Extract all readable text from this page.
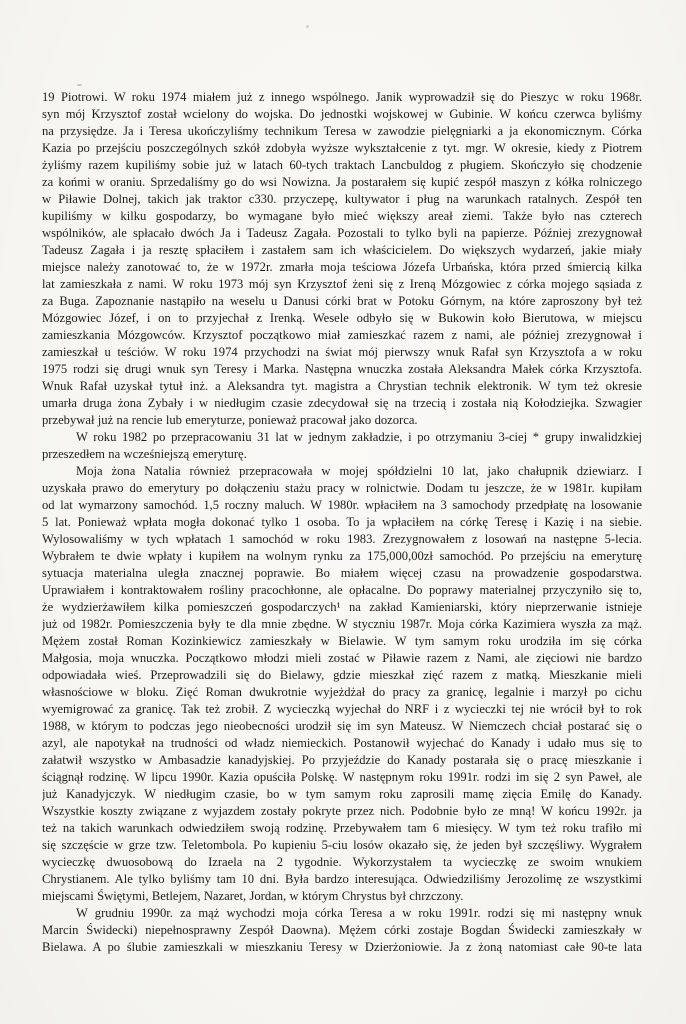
19 Piotrowi. W roku 1974 miałem już z innego wspólnego. Janik wyprowadził się do Pieszyc w roku 1968r.
syn mój Krzysztof został wcielony do wojska. Do jednostki wojskowej w Gubinie. W końcu czerwca byliśmy
na przysiędze. Ja i Teresa ukończyliśmy technikum Teresa w zawodzie pielęgniarki a ja ekonomicznym. Córka
Kazia po przejściu poszczególnych szkół zdobyła wyższe wykształcenie z tyt. mgr. W okresie, kiedy z Piotrem
żyliśmy razem kupiliśmy sobie już w latach 60-tych traktach Lancbuldog z pługiem. Skończyło się chodzenie
za końmi w oraniu. Sprzedaliśmy go do wsi Nowizna. Ja postarałem się kupić zespół maszyn z kółka rolniczego
w Piławie Dolnej, takich jak traktor c330. przyczepę, kultywator i pług na warunkach ratalnych. Zespół ten
kupiliśmy w kilku gospodarzy, bo wymagane było mieć większy areał ziemi. Także było nas czterech
wspólników, ale spłacało dwóch Ja i Tadeusz Zagała. Pozostali to tylko byli na papierze. Później zrezygnował
Tadeusz Zagała i ja resztę spłaciłem i zastałem sam ich właścicielem. Do większych wydarzeń, jakie miały
miejsce należy zanotować to, że w 1972r. zmarła moja teściowa Józefa Urbańska, która przed śmiercią kilka
lat zamieszkała z nami. W roku 1973 mój syn Krzysztof żeni się z Ireną Mózgowiec z córka mojego sąsiada z
za Buga. Zapoznanie nastąpiło na weselu u Danusi córki brat w Potoku Górnym, na które zaproszony był też
Mózgowiec Józef, i on to przyjechał z Irenką. Wesele odbyło się w Bukowin koło Bierutowa, w miejscu
zamieszkania Mózgowców. Krzysztof początkowo miał zamieszkać razem z nami, ale później zrezygnował i
zamieszkał u teściów. W roku 1974 przychodzi na świat mój pierwszy wnuk Rafał syn Krzysztofa a w roku
1975 rodzi się drugi wnuk syn Teresy i Marka. Następna wnuczka została Aleksandra Małek córka Krzysztofa.
Wnuk Rafał uzyskał tytuł inż. a Aleksandra tyt. magistra a Chrystian technik elektronik. W tym też okresie
umarła druga żona Zybały i w niedługim czasie zdecydował się na trzecią i została nią Kołodziejka. Szwagier
przebywał już na rencie lub emeryturze, ponieważ pracował jako dozorca.
W roku 1982 po przepracowaniu 31 lat w jednym zakładzie, i po otrzymaniu 3-ciej * grupy inwalidzkiej
przeszedłem na wcześniejszą emeryturę.
Moja żona Natalia również przepracowała w mojej spółdzielni 10 lat, jako chałupnik dziewiarz. I
uzyskała prawo do emerytury po dołączeniu stażu pracy w rolnictwie. Dodam tu jeszcze, że w 1981r. kupiłam
od lat wymarzony samochód. 1,5 roczny maluch. W 1980r. wpłaciłem na 3 samochody przedpłatę na losowanie
5 lat. Ponieważ wpłata mogła dokonać tylko 1 osoba. To ja wpłaciłem na córkę Teresę i Kazię i na siebie.
Wylosowaliśmy w tych wpłatach 1 samochód w roku 1983. Zrezygnowałem z losowań na następne 5-lecia.
Wybrałem te dwie wpłaty i kupiłem na wolnym rynku za 175,000,00zł samochód. Po przejściu na emeryturę
sytuacja materialna uległa znacznej poprawie. Bo miałem więcej czasu na prowadzenie gospodarstwa.
Uprawiałem i kontraktowałem rośliny pracochłonne, ale opłacalne. Do poprawy materialnej przyczyniło się to,
że wydzierżawiłem kilka pomieszczeń gospodarczych¹ na zakład Kamieniarski, który nieprzerwanie istnieje
już od 1982r. Pomieszczenia były te dla mnie zbędne. W styczniu 1987r. Moja córka Kazimiera wyszła za mąż.
Mężem został Roman Kozinkiewicz zamieszkały w Bielawie. W tym samym roku urodziła im się córka
Małgosia, moja wnuczka. Początkowo młodzi mieli zostać w Piławie razem z Nami, ale zięciowi nie bardzo
odpowiadała wieś. Przeprowadzili się do Bielawy, gdzie mieszkał zięć razem z matką. Mieszkanie mieli
własnościowe w bloku. Zięć Roman dwukrotnie wyjeżdżał do pracy za granicę, legalnie i marzył po cichu
wyemigrować za granicę. Tak też zrobił. Z wycieczką wyjechał do NRF i z wycieczki tej nie wrócił był to rok
1988, w którym to podczas jego nieobecności urodził się im syn Mateusz. W Niemczech chciał postarać się o
azyl, ale napotykał na trudności od władz niemieckich. Postanowił wyjechać do Kanady i udało mus się to
załatwił wszystko w Ambasadzie kanadyjskiej. Po przyjeździe do Kanady postarała się o pracę mieszkanie i
ściągnął rodzinę. W lipcu 1990r. Kazia opuściła Polskę. W następnym roku 1991r. rodzi im się 2 syn Paweł, ale
już Kanadyjczyk. W niedługim czasie, bo w tym samym roku zaprosili mamę zięcia Emilę do Kanady.
Wszystkie koszty związane z wyjazdem zostały pokryte przez nich. Podobnie było ze mną! W końcu 1992r. ja
też na takich warunkach odwiedziłem swoją rodzinę. Przebywałem tam 6 miesięcy. W tym też roku trafiło mi
się szczęście w grze tzw. Teletombola. Po kupieniu 5-ciu losów okazało się, że jeden był szczęśliwy. Wygrałem
wycieczkę dwuosobową do Izraela na 2 tygodnie. Wykorzystałem ta wycieczkę ze swoim wnukiem
Chrystianem. Ale tylko byliśmy tam 10 dni. Była bardzo interesująca. Odwiedziliśmy Jerozolimę ze wszystkimi
miejscami Świętymi, Betlejem, Nazaret, Jordan, w którym Chrystus był chrzczony.
W grudniu 1990r. za mąż wychodzi moja córka Teresa a w roku 1991r. rodzi się mi następny wnuk
Marcin Świdecki) niepełnosprawny Zespół Daowna). Mężem córki zostaje Bogdan Świdecki zamieszkały w
Bielawa. A po ślubie zamieszkali w mieszkaniu Teresy w Dzierżoniowie. Ja z żoną natomiast całe 90-te lata
